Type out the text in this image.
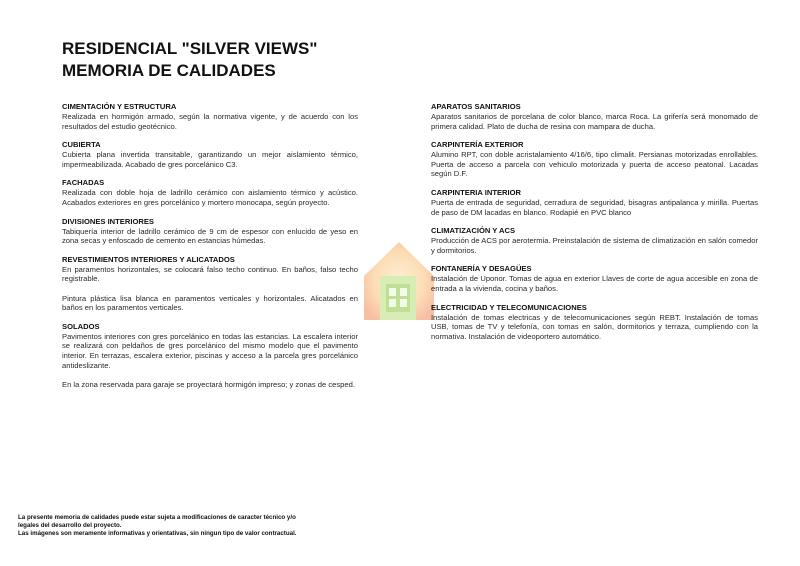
RESIDENCIAL "SILVER VIEWS"
MEMORIA DE CALIDADES
CIMENTACIÓN Y ESTRUCTURA

Realizada en hormigón armado, según la normativa vigente, y de acuerdo con los resultados del estudio geotécnico.

CUBIERTA

Cubierta plana invertida transitable, garantizando un mejor aislamiento térmico, impermeabilizada. Acabado de gres porcelánico C3.

FACHADAS

Realizada con doble hoja de ladrillo cerámico con aislamiento térmico y acústico. Acabados exteriores en gres porcelánico y mortero monocapa, según proyecto.

DIVISIONES INTERIORES

Tabiquería interior de ladrillo cerámico de 9 cm de espesor con enlucido de yeso en zona secas y enfoscado de cemento en estancias húmedas.

REVESTIMIENTOS INTERIORES Y ALICATADOS

En paramentos horizontales, se colocará falso techo continuo. En baños, falso techo registrable.

Pintura plástica lisa blanca en paramentos verticales y horizontales. Alicatados en baños en los paramentos verticales.

SOLADOS

Pavimentos interiores con gres porcelánico en todas las estancias. La escalera interior se realizará con peldaños de gres porcelánico del mismo modelo que el pavimento interior. En terrazas, escalera exterior, piscinas y acceso a la parcela gres porcelánico antideslizante.

En la zona reservada para garaje se proyectará hormigón impreso; y zonas de cesped.

APARATOS SANITARIOS

Aparatos sanitarios de porcelana de color blanco, marca Roca. La grifería será monomado de primera calidad. Plato de ducha de resina con mampara de ducha.

CARPINTERÍA EXTERIOR

Alumino RPT, con doble acristalamiento 4/16/6, tipo climalit. Persianas motorizadas enrollables. Puerta de acceso a parcela con vehiculo motorizada y puerta de acceso peatonal. Lacadas según D.F.

CARPINTERIA INTERIOR

Puerta de entrada de seguridad, cerradura de seguridad, bisagras antipalanca y mirilla. Puertas de paso de DM lacadas en blanco. Rodapié en PVC blanco

CLIMATIZACIÓN Y ACS

Producción de ACS por aerotermia. Preinstalación de sistema de climatización en salón comedor y dormitorios.

FONTANERÍA Y DESAGÜES

Instalación de Uponor. Tomas de agua en exterior Llaves de corte de agua accesible en zona de entrada a la vivienda, cocina y baños.

ELECTRICIDAD Y TELECOMUNICACIONES

Instalación de tomas electricas y de telecomunicaciones según REBT. Instalación de tomas USB, tomas de TV y telefonía, con tomas en salón, dormitorios y terraza, cumpliendo con la normativa. Instalación de videoportero automático.

La presente memoria de calidades puede estar sujeta a modificaciones de caracter técnico y/o legales del desarrollo del proyecto.
Las imágenes son meramente informativas y orientativas, sin ningun tipo de valor contractual.
